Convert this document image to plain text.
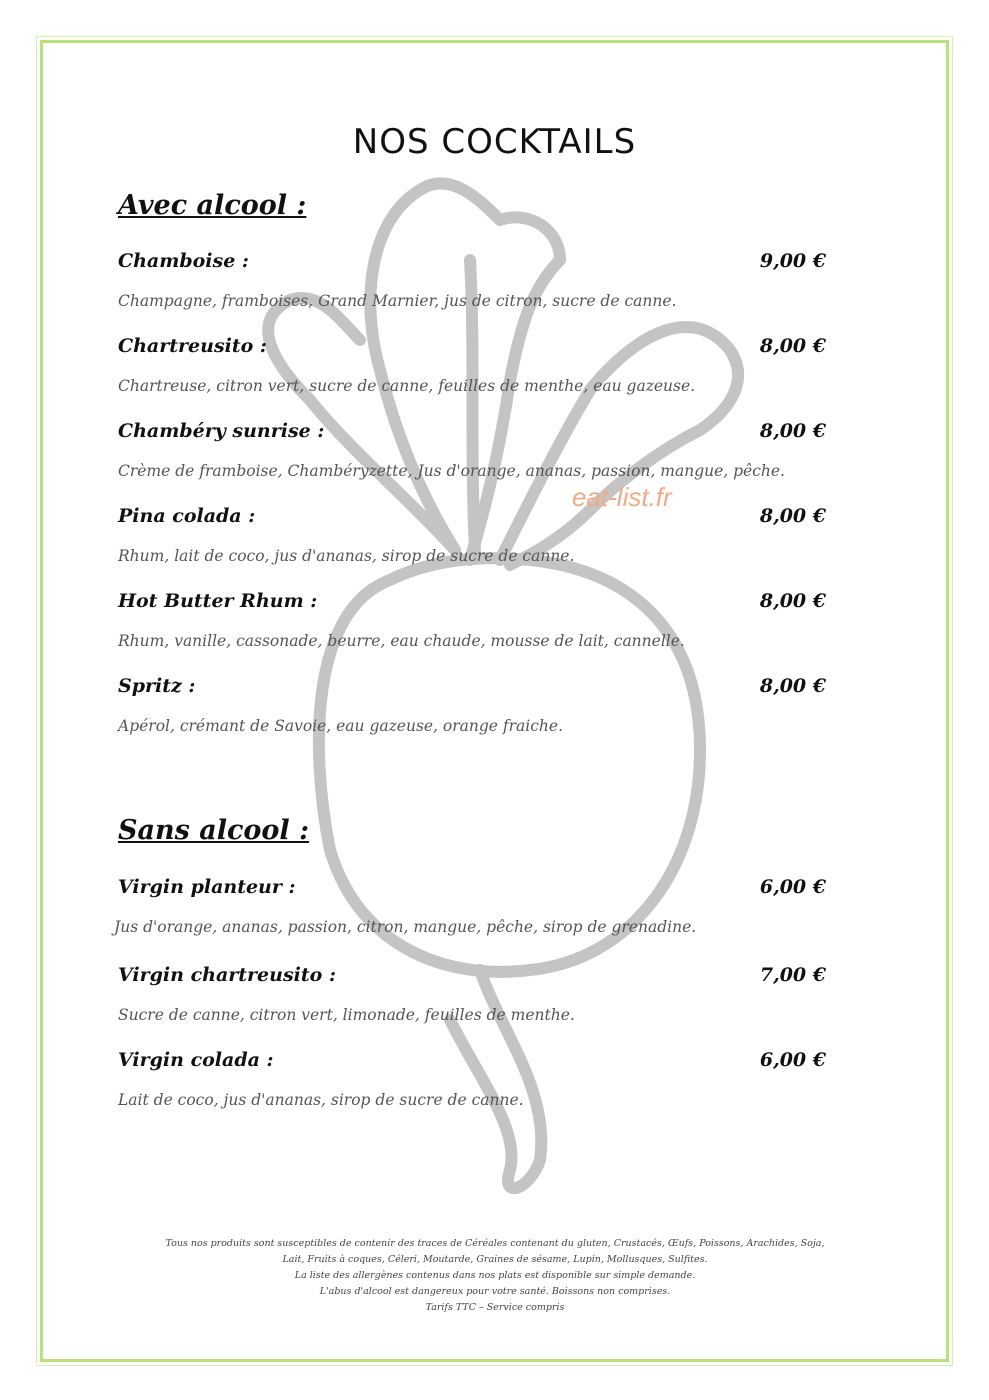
NOS COCKTAILS
Avec alcool :
Chamboise :	9,00 €
Champagne, framboises, Grand Marnier, jus de citron, sucre de canne.
Chartreusito :	8,00 €
Chartreuse, citron vert, sucre de canne, feuilles de menthe, eau gazeuse.
Chambéry sunrise :	8,00 €
Crème de framboise, Chambéryzette, Jus d'orange, ananas, passion, mangue, pêche.
Pina colada :	8,00 €
Rhum, lait de coco, jus d'ananas, sirop de sucre de canne.
Hot Butter Rhum :	8,00 €
Rhum, vanille, cassonade, beurre, eau chaude, mousse de lait, cannelle.
Spritz :	8,00 €
Apérol, crémant de Savoie, eau gazeuse, orange fraiche.
Sans alcool :
Virgin planteur :	6,00 €
Jus d'orange, ananas, passion, citron, mangue, pêche, sirop de grenadine.
Virgin chartreusito :	7,00 €
Sucre de canne, citron vert, limonade, feuilles de menthe.
Virgin colada :	6,00 €
Lait de coco, jus d'ananas, sirop de sucre de canne.
eat-list.fr
Tous nos produits sont susceptibles de contenir des traces de Céréales contenant du gluten, Crustacés, Œufs, Poissons, Arachides, Soja,
Lait, Fruits à coques, Céleri, Moutarde, Graines de sésame, Lupin, Mollusques, Sulfites.
La liste des allergènes contenus dans nos plats est disponible sur simple demande.
L'abus d'alcool est dangereux pour votre santé. Boissons non comprises.
Tarifs TTC – Service compris
